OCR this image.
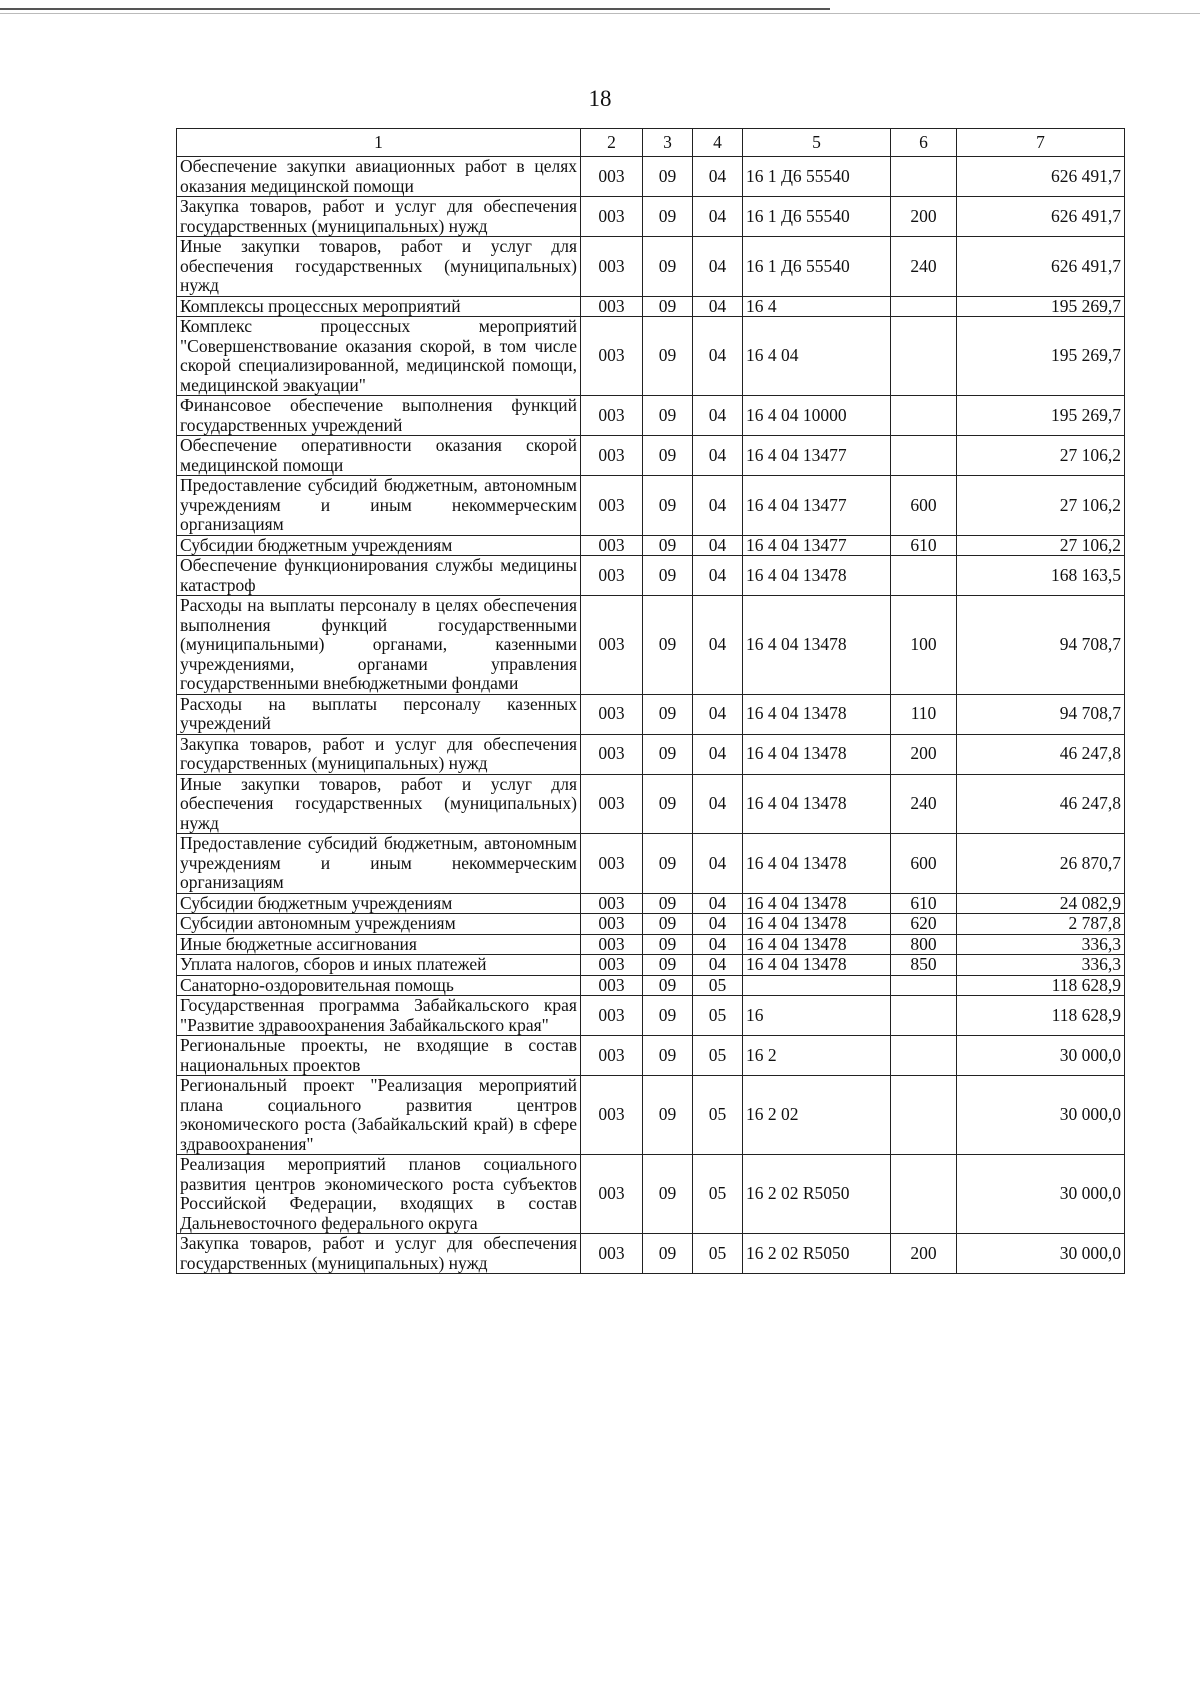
18
1	2	3	4	5	6	7
Обеспечение закупки авиационных работ в целях оказания медицинской помощи	003	09	04	16 1 Д6 55540		626 491,7
Закупка товаров, работ и услуг для обеспечения государственных (муниципальных) нужд	003	09	04	16 1 Д6 55540	200	626 491,7
Иные закупки товаров, работ и услуг для обеспечения государственных (муниципальных) нужд	003	09	04	16 1 Д6 55540	240	626 491,7
Комплексы процессных мероприятий	003	09	04	16 4		195 269,7
Комплекс процессных мероприятий "Совершенствование оказания скорой, в том числе скорой специализированной, медицинской помощи, медицинской эвакуации"	003	09	04	16 4 04		195 269,7
Финансовое обеспечение выполнения функций государственных учреждений	003	09	04	16 4 04 10000		195 269,7
Обеспечение оперативности оказания скорой медицинской помощи	003	09	04	16 4 04 13477		27 106,2
Предоставление субсидий бюджетным, автономным учреждениям и иным некоммерческим организациям	003	09	04	16 4 04 13477	600	27 106,2
Субсидии бюджетным учреждениям	003	09	04	16 4 04 13477	610	27 106,2
Обеспечение функционирования службы медицины катастроф	003	09	04	16 4 04 13478		168 163,5
Расходы на выплаты персоналу в целях обеспечения выполнения функций государственными (муниципальными) органами, казенными учреждениями, органами управления государственными внебюджетными фондами	003	09	04	16 4 04 13478	100	94 708,7
Расходы на выплаты персоналу казенных учреждений	003	09	04	16 4 04 13478	110	94 708,7
Закупка товаров, работ и услуг для обеспечения государственных (муниципальных) нужд	003	09	04	16 4 04 13478	200	46 247,8
Иные закупки товаров, работ и услуг для обеспечения государственных (муниципальных) нужд	003	09	04	16 4 04 13478	240	46 247,8
Предоставление субсидий бюджетным, автономным учреждениям и иным некоммерческим организациям	003	09	04	16 4 04 13478	600	26 870,7
Субсидии бюджетным учреждениям	003	09	04	16 4 04 13478	610	24 082,9
Субсидии автономным учреждениям	003	09	04	16 4 04 13478	620	2 787,8
Иные бюджетные ассигнования	003	09	04	16 4 04 13478	800	336,3
Уплата налогов, сборов и иных платежей	003	09	04	16 4 04 13478	850	336,3
Санаторно-оздоровительная помощь	003	09	05			118 628,9
Государственная программа Забайкальского края "Развитие здравоохранения Забайкальского края"	003	09	05	16		118 628,9
Региональные проекты, не входящие в состав национальных проектов	003	09	05	16 2		30 000,0
Региональный проект "Реализация мероприятий плана социального развития центров экономического роста (Забайкальский край) в сфере здравоохранения"	003	09	05	16 2 02		30 000,0
Реализация мероприятий планов социального развития центров экономического роста субъектов Российской Федерации, входящих в состав Дальневосточного федерального округа	003	09	05	16 2 02 R5050		30 000,0
Закупка товаров, работ и услуг для обеспечения государственных (муниципальных) нужд	003	09	05	16 2 02 R5050	200	30 000,0
